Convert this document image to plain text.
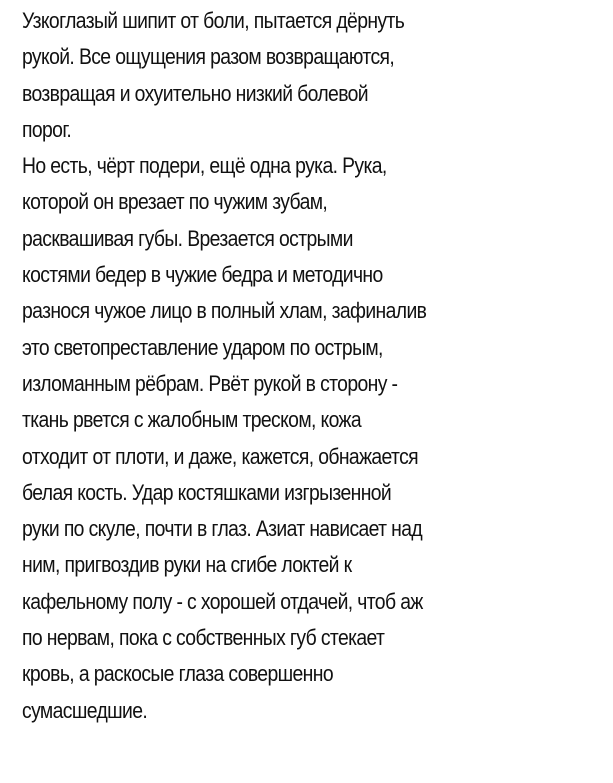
Узкоглазый шипит от боли, пытается дёрнуть
рукой. Все ощущения разом возвращаются,
возвращая и охуительно низкий болевой
порог.
Но есть, чёрт подери, ещё одна рука. Рука,
которой он врезает по чужим зубам,
расквашивая губы. Врезается острыми
костями бедер в чужие бедра и методично
разнося чужое лицо в полный хлам, зафиналив
это светопреставление ударом по острым,
изломанным рёбрам. Рвёт рукой в сторону -
ткань рвется с жалобным треском, кожа
отходит от плоти, и даже, кажется, обнажается
белая кость. Удар костяшками изгрызенной
руки по скуле, почти в глаз. Азиат нависает над
ним, пригвоздив руки на сгибе локтей к
кафельному полу - с хорошей отдачей, чтоб аж
по нервам, пока с собственных губ стекает
кровь, а раскосые глаза совершенно
сумасшедшие.
